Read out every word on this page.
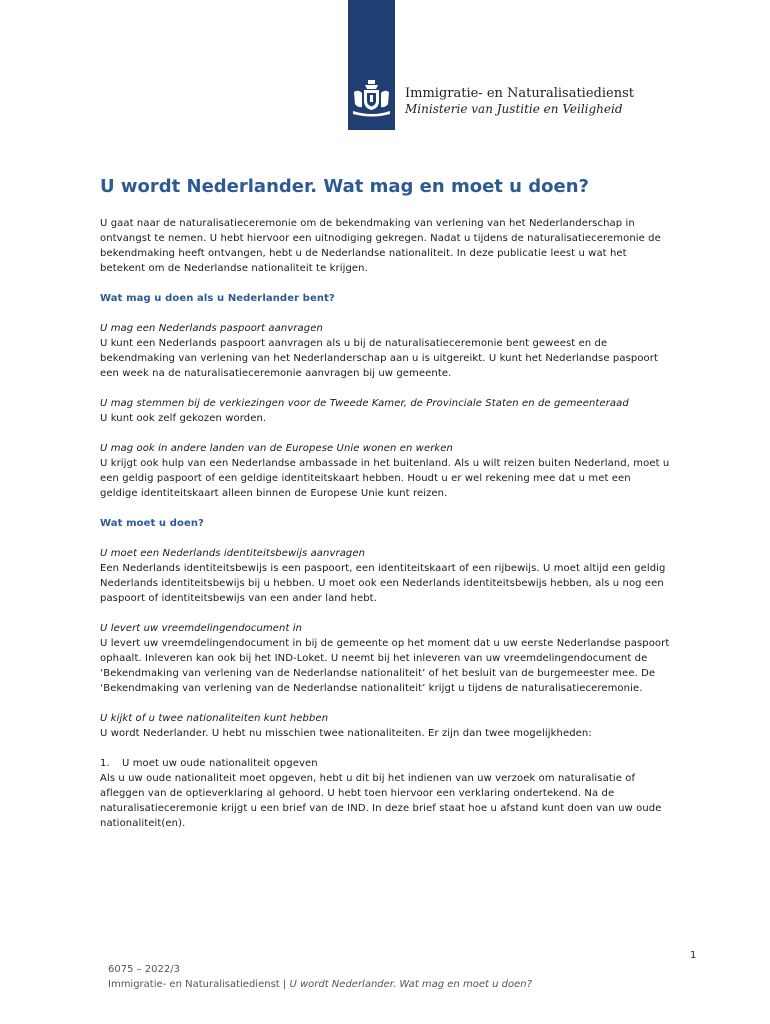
Immigratie- en Naturalisatiedienst
Ministerie van Justitie en Veiligheid
U wordt Nederlander. Wat mag en moet u doen?

U gaat naar de naturalisatieceremonie om de bekendmaking van verlening van het Nederlanderschap in ontvangst te nemen. U hebt hiervoor een uitnodiging gekregen. Nadat u tijdens de naturalisatieceremonie de bekendmaking heeft ontvangen, hebt u de Nederlandse nationaliteit. In deze publicatie leest u wat het betekent om de Nederlandse nationaliteit te krijgen.

Wat mag u doen als u Nederlander bent?

U mag een Nederlands paspoort aanvragen

U kunt een Nederlands paspoort aanvragen als u bij de naturalisatieceremonie bent geweest en de bekendmaking van verlening van het Nederlanderschap aan u is uitgereikt. U kunt het Nederlandse paspoort een week na de naturalisatieceremonie aanvragen bij uw gemeente.

U mag stemmen bij de verkiezingen voor de Tweede Kamer, de Provinciale Staten en de gemeenteraad

U kunt ook zelf gekozen worden.

U mag ook in andere landen van de Europese Unie wonen en werken

U krijgt ook hulp van een Nederlandse ambassade in het buitenland. Als u wilt reizen buiten Nederland, moet u een geldig paspoort of een geldige identiteitskaart hebben. Houdt u er wel rekening mee dat u met een geldige identiteitskaart alleen binnen de Europese Unie kunt reizen.

Wat moet u doen?

U moet een Nederlands identiteitsbewijs aanvragen

Een Nederlands identiteitsbewijs is een paspoort, een identiteitskaart of een rijbewijs. U moet altijd een geldig Nederlands identiteitsbewijs bij u hebben. U moet ook een Nederlands identiteitsbewijs hebben, als u nog een paspoort of identiteitsbewijs van een ander land hebt.

U levert uw vreemdelingendocument in

U levert uw vreemdelingendocument in bij de gemeente op het moment dat u uw eerste Nederlandse paspoort ophaalt. Inleveren kan ook bij het IND-Loket. U neemt bij het inleveren van uw vreemdelingendocument de ‘Bekendmaking van verlening van de Nederlandse nationaliteit’ of het besluit van de burgemeester mee. De ‘Bekendmaking van verlening van de Nederlandse nationaliteit’ krijgt u tijdens de naturalisatieceremonie.

U kijkt of u twee nationaliteiten kunt hebben

U wordt Nederlander. U hebt nu misschien twee nationaliteiten. Er zijn dan twee mogelijkheden:

1. U moet uw oude nationaliteit opgeven

Als u uw oude nationaliteit moet opgeven, hebt u dit bij het indienen van uw verzoek om naturalisatie of afleggen van de optieverklaring al gehoord. U hebt toen hiervoor een verklaring ondertekend. Na de naturalisatieceremonie krijgt u een brief van de IND. In deze brief staat hoe u afstand kunt doen van uw oude nationaliteit(en).

1
6075 – 2022/3
Immigratie- en Naturalisatiedienst | U wordt Nederlander. Wat mag en moet u doen?
